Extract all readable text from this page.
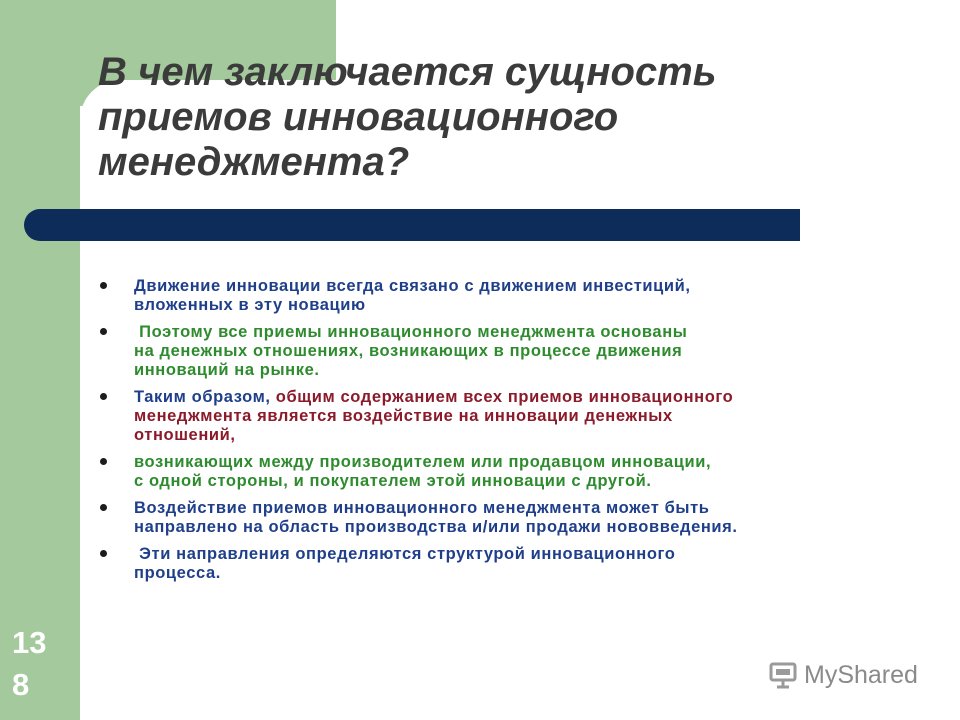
В чем заключается сущность
приемов инновационного
менеджмента?
Движение инновации всегда связано с движением инвестиций,
вложенных в эту новацию
Поэтому все приемы инновационного менеджмента основаны
на денежных отношениях, возникающих в процессе движения
инноваций на рынке.
Таким образом, общим содержанием всех приемов инновационного
менеджмента является воздействие на инновации денежных
отношений,
возникающих между производителем или продавцом инновации,
с одной стороны, и покупателем этой инновации с другой.
Воздействие приемов инновационного менеджмента может быть
направлено на область производства и/или продажи нововведения.
Эти направления определяются структурой инновационного
процесса.
13
8	MyShared
